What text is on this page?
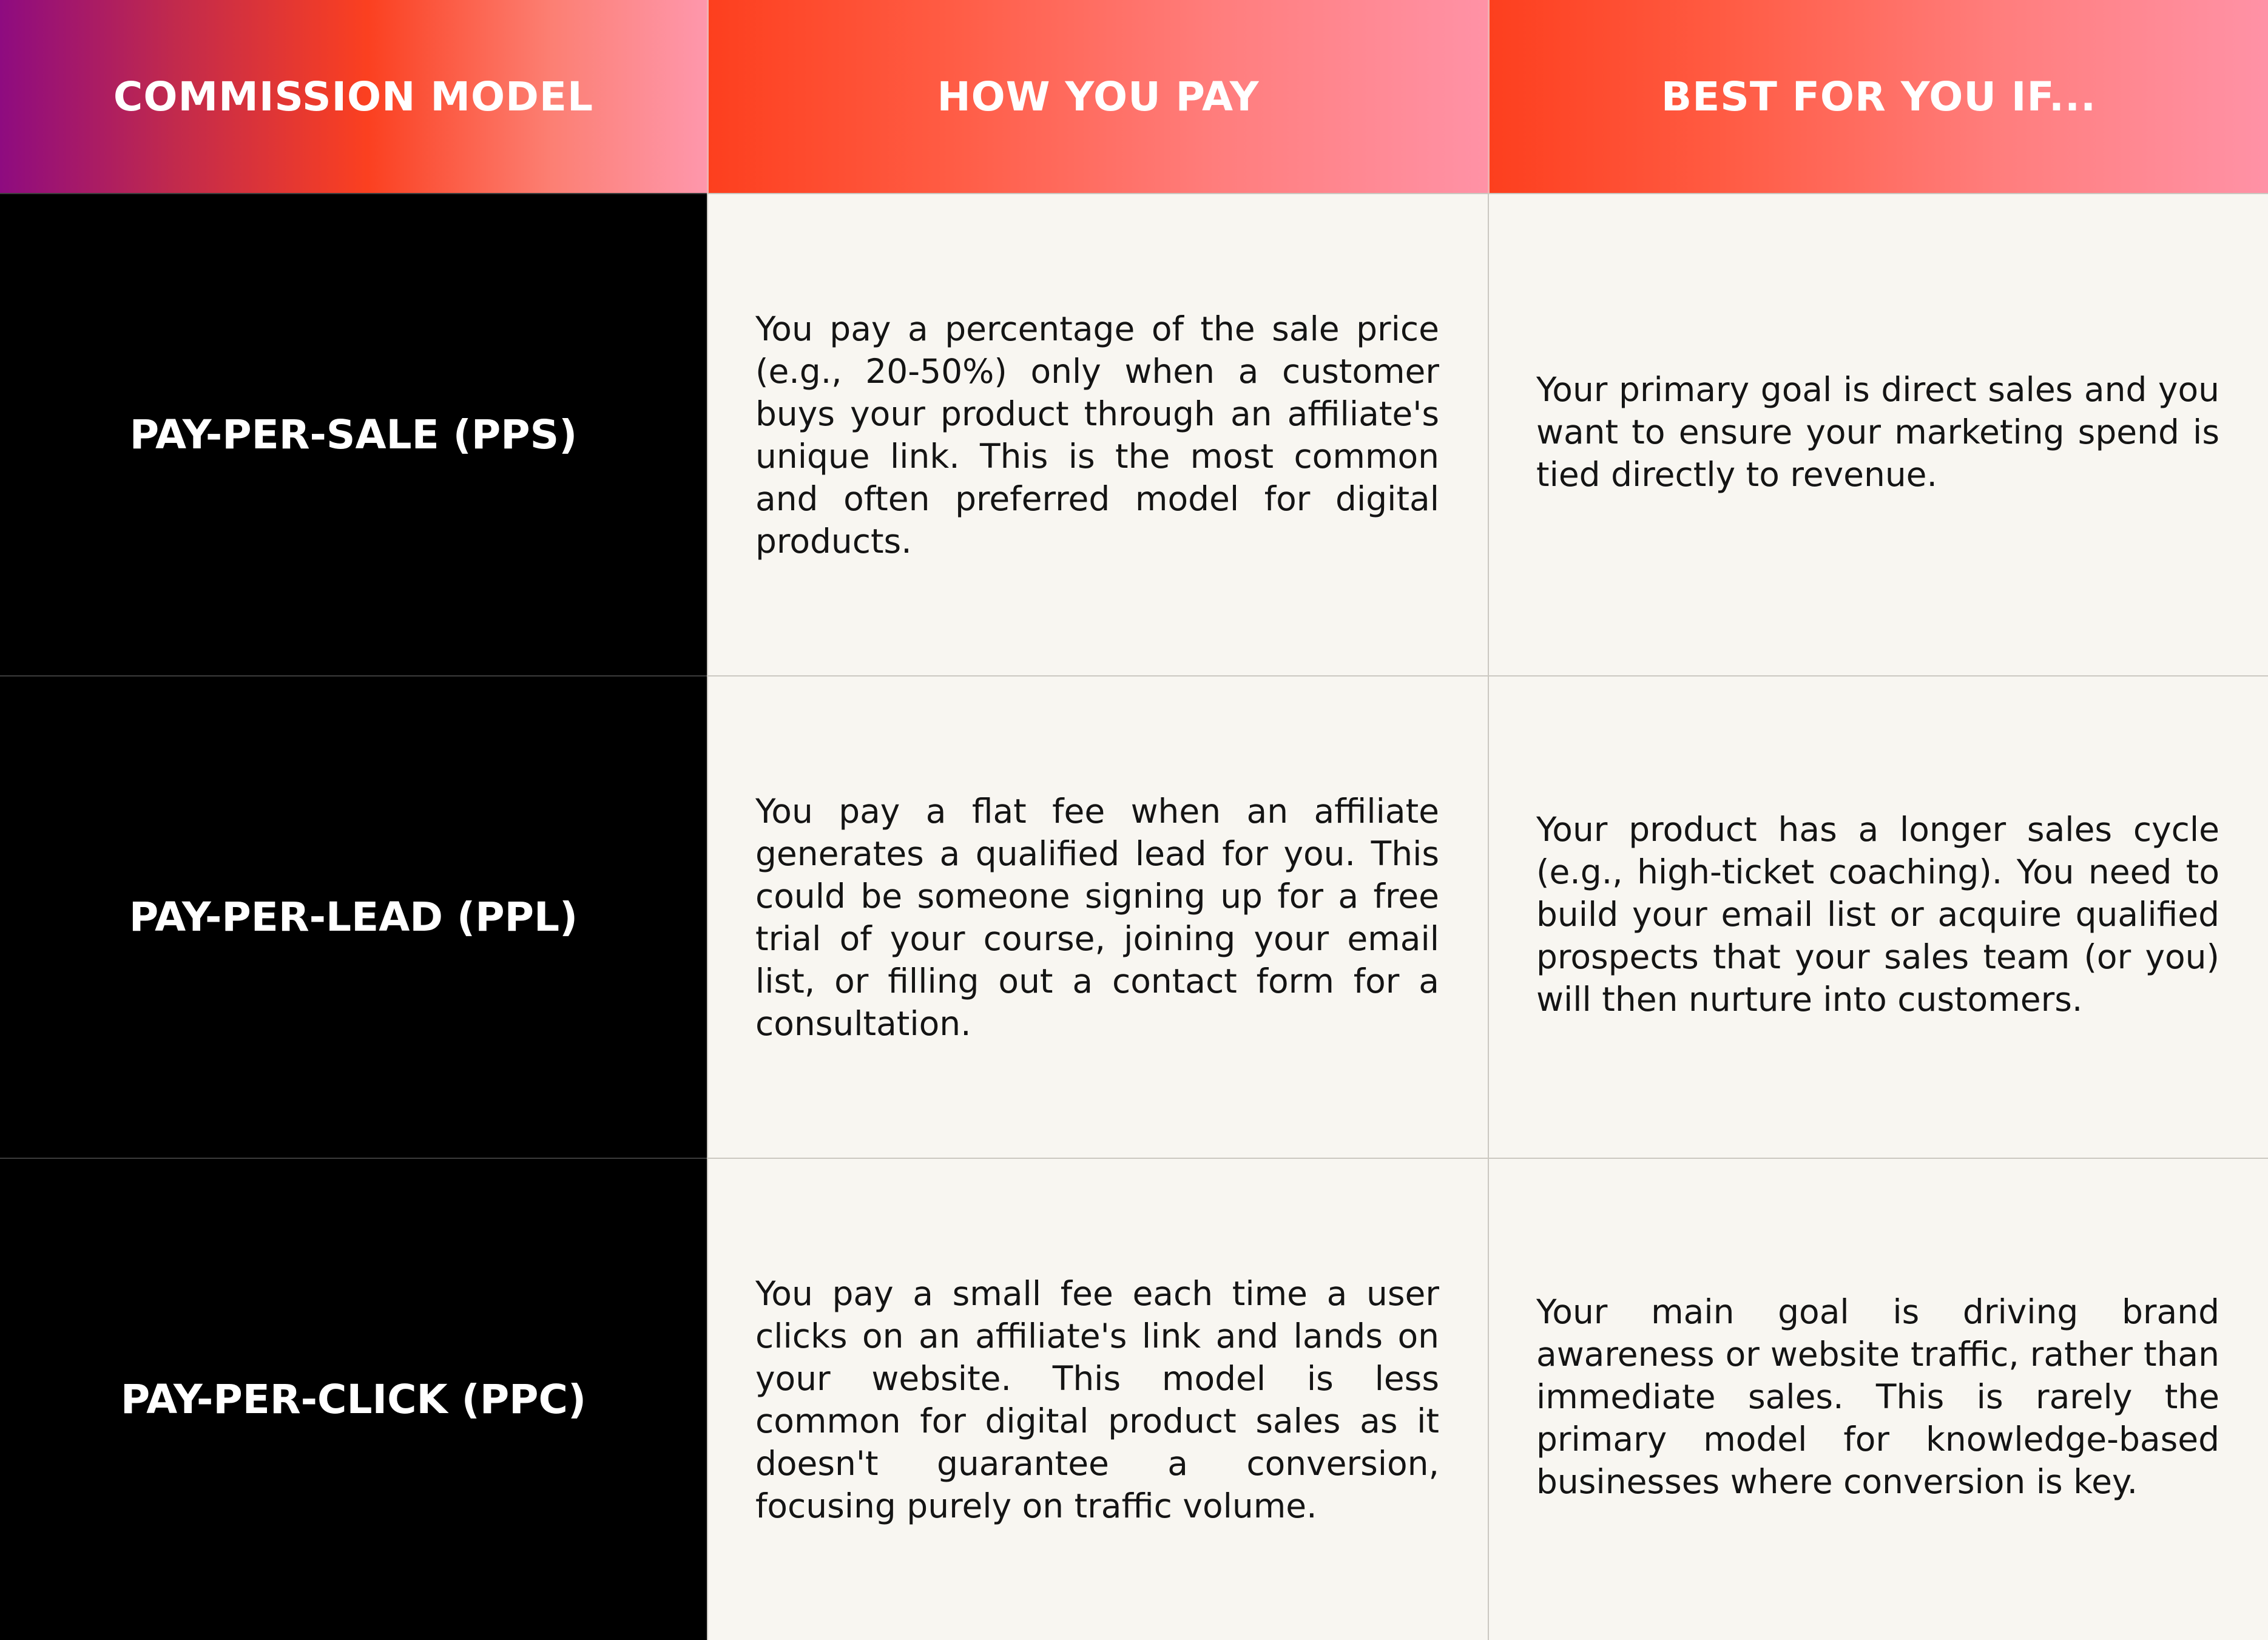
COMMISSION MODEL	HOW YOU PAY	BEST FOR YOU IF...
PAY-PER-SALE (PPS)

You pay a percentage of the sale price (e.g., 20-50%) only when a customer buys your product through an affiliate's unique link. This is the most common and often preferred model for digital products.

Your primary goal is direct sales and you want to ensure your marketing spend is tied directly to revenue.

PAY-PER-LEAD (PPL)

You pay a flat fee when an affiliate generates a qualified lead for you. This could be someone signing up for a free trial of your course, joining your email list, or filling out a contact form for a consultation.

Your product has a longer sales cycle (e.g., high-ticket coaching). You need to build your email list or acquire qualified prospects that your sales team (or you) will then nurture into customers.

PAY-PER-CLICK (PPC)

You pay a small fee each time a user clicks on an affiliate's link and lands on your website. This model is less common for digital product sales as it doesn't guarantee a conversion, focusing purely on traffic volume.

Your main goal is driving brand awareness or website traffic, rather than immediate sales. This is rarely the primary model for knowledge-based businesses where conversion is key.
